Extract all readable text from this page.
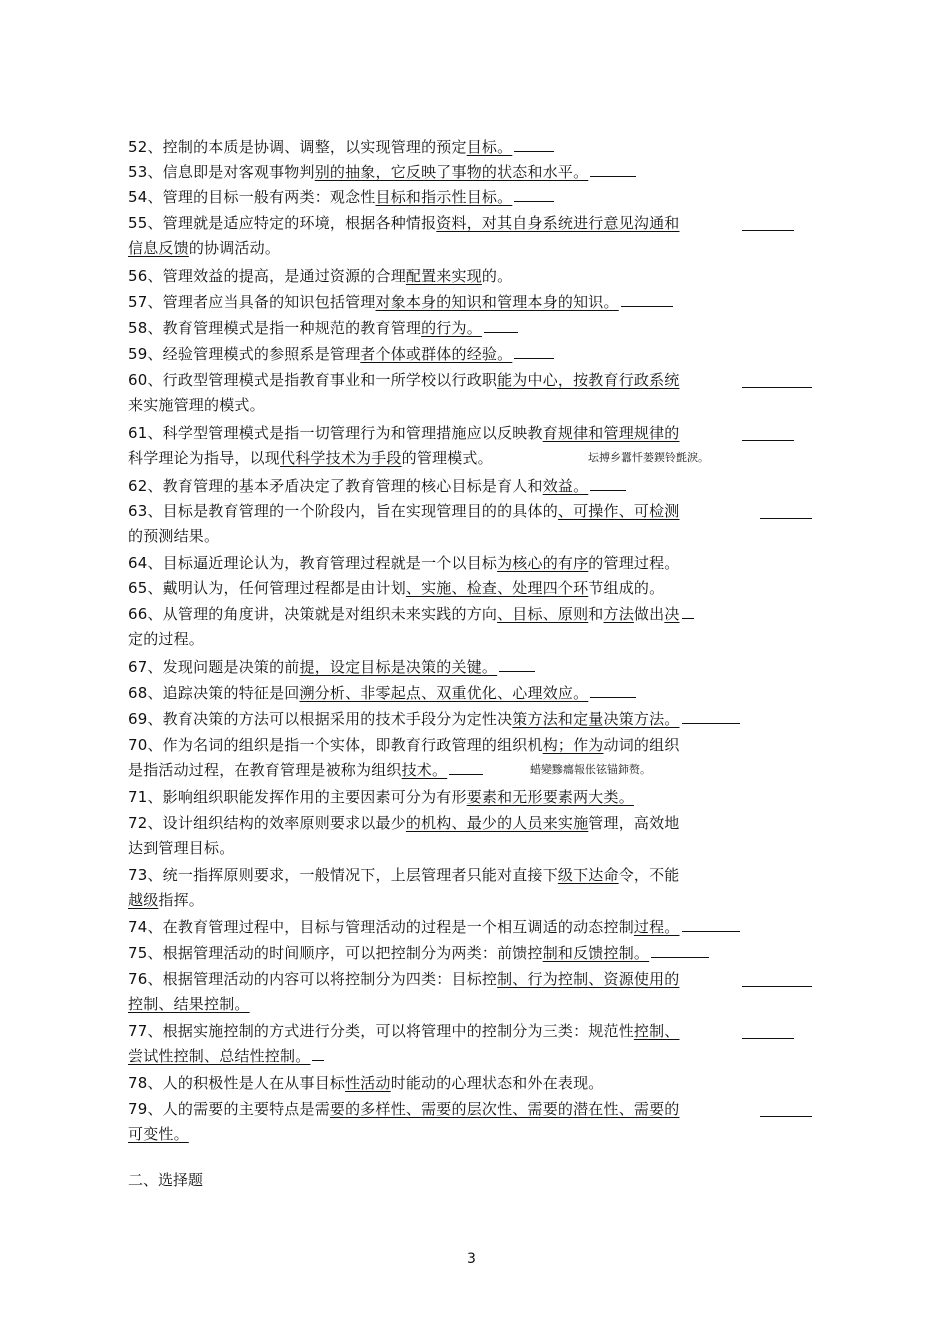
52、控制的本质是协调、调整，以实现管理的预定目标。
53、信息即是对客观事物判别的抽象，它反映了事物的状态和水平。
54、管理的目标一般有两类：观念性目标和指示性目标。
55、管理就是适应特定的环境，根据各种情报资料，对其自身系统进行意见沟通和
信息反馈的协调活动。
56、管理效益的提高，是通过资源的合理配置来实现的。
57、管理者应当具备的知识包括管理对象本身的知识和管理本身的知识。
58、教育管理模式是指一种规范的教育管理的行为。
59、经验管理模式的参照系是管理者个体或群体的经验。
60、行政型管理模式是指教育事业和一所学校以行政职能为中心，按教育行政系统
来实施管理的模式。
61、科学型管理模式是指一切管理行为和管理措施应以反映教育规律和管理规律的
科学理论为指导，以现代科学技术为手段的管理模式。	坛搏乡囂忏蒌鍥铃氈淚。
62、教育管理的基本矛盾决定了教育管理的核心目标是育人和效益。
63、目标是教育管理的一个阶段内，旨在实现管理目的的具体的、可操作、可检测
的预测结果。
64、目标逼近理论认为，教育管理过程就是一个以目标为核心的有序的管理过程。
65、戴明认为，任何管理过程都是由计划、实施、检查、处理四个环节组成的。
66、从管理的角度讲，决策就是对组织未来实践的方向、目标、原则和方法做出决
定的过程。
67、发现问题是决策的前提，设定目标是决策的关键。
68、追踪决策的特征是回溯分析、非零起点、双重优化、心理效应。
69、教育决策的方法可以根据采用的技术手段分为定性决策方法和定量决策方法。
70、作为名词的组织是指一个实体，即教育行政管理的组织机构；作为动词的组织
是指活动过程，在教育管理是被称为组织技术。	蜡變黲癟報伥铉锚鈰赘。
71、影响组织职能发挥作用的主要因素可分为有形要素和无形要素两大类。
72、设计组织结构的效率原则要求以最少的机构、最少的人员来实施管理，高效地
达到管理目标。
73、统一指挥原则要求，一般情况下，上层管理者只能对直接下级下达命令，不能
越级指挥。
74、在教育管理过程中，目标与管理活动的过程是一个相互调适的动态控制过程。
75、根据管理活动的时间顺序，可以把控制分为两类：前馈控制和反馈控制。
76、根据管理活动的内容可以将控制分为四类：目标控制、行为控制、资源使用的
控制、结果控制。
77、根据实施控制的方式进行分类，可以将管理中的控制分为三类：规范性控制、
尝试性控制、总结性控制。
78、人的积极性是人在从事目标性活动时能动的心理状态和外在表现。
79、人的需要的主要特点是需要的多样性、需要的层次性、需要的潜在性、需要的
可变性。
二、选择题
3
